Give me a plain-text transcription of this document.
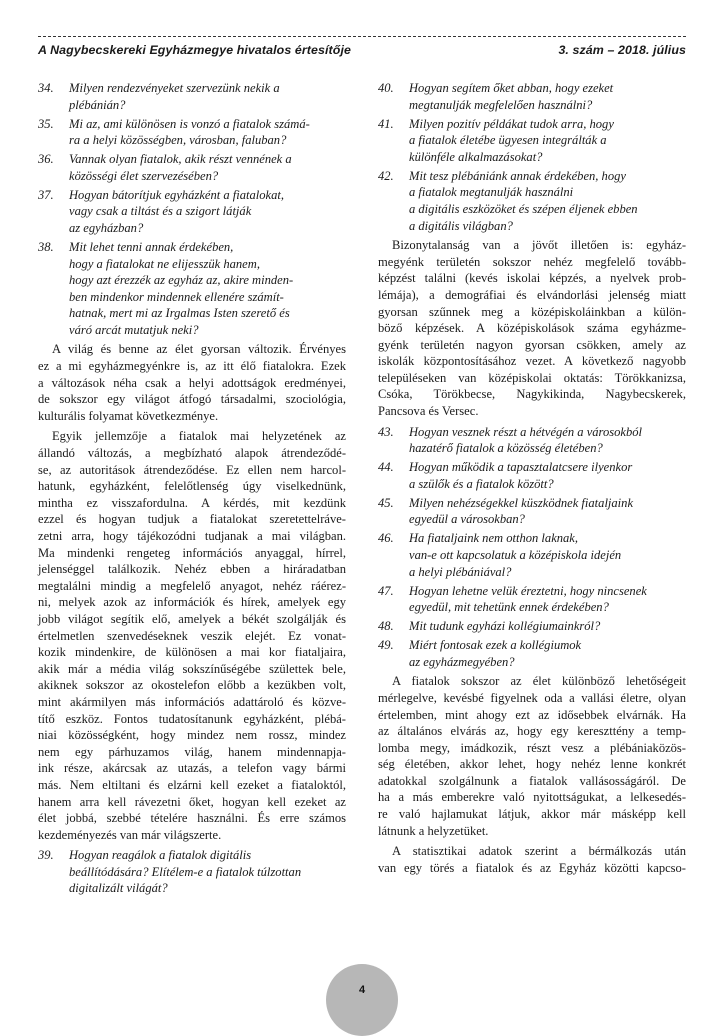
A Nagybecskereki Egyházmegye hivatalos értesítője	3. szám – 2018. július
34.	Milyen rendezvényeket szervezünk nekik a
plébánián?
35.	Mi az, ami különösen is vonzó a fiatalok számá-
ra a helyi közösségben, városban, faluban?
36.	Vannak olyan fiatalok, akik részt vennének a
közösségi élet szervezésében?
37.	Hogyan bátorítjuk egyházként a fiatalokat,
vagy csak a tiltást és a szigort látják
az egyházban?
38.	Mit lehet tenni annak érdekében,
hogy a fiatalokat ne elijesszük hanem,
hogy azt érezzék az egyház az, akire minden-
ben mindenkor mindennek ellenére számít-
hatnak, mert mi az Irgalmas Isten szerető és
váró arcát mutatjuk neki?
A világ és benne az élet gyorsan változik. Érvényes
ez a mi egyházmegyénkre is, az itt élő fiatalokra. Ezek
a változások néha csak a helyi adottságok eredményei,
de sokszor egy világot átfogó társadalmi, szociológia,
kulturális folyamat következménye.
Egyik jellemzője a fiatalok mai helyzetének az
állandó változás, a megbízható alapok átrendeződé-
se, az autoritások átrendeződése. Ez ellen nem harcol-
hatunk, egyházként, felelőtlenség úgy viselkednünk,
mintha ez visszafordulna. A kérdés, mit kezdünk
ezzel és hogyan tudjuk a fiatalokat szeretettelráve-
zetni arra, hogy tájékozódni tudjanak a mai világban.
Ma mindenki rengeteg információs anyaggal, hírrel,
jelenséggel találkozik. Nehéz ebben a hiráradatban
megtalálni mindig a megfelelő anyagot, nehéz ráérez-
ni, melyek azok az információk és hírek, amelyek egy
jobb világot segítik elő, amelyek a békét szolgálják és
értelmetlen szenvedéseknek veszik elejét. Ez vonat-
kozik mindenkire, de különösen a mai kor fiataljaira,
akik már a média világ sokszínűségébe születtek bele,
akiknek sokszor az okostelefon előbb a kezükben volt,
mint akármilyen más információs adattároló és közve-
títő eszköz. Fontos tudatosítanunk egyházként, plébá-
niai közösségként, hogy mindez nem rossz, mindez
nem egy párhuzamos világ, hanem mindennapja-
ink része, akárcsak az utazás, a telefon vagy bármi
más. Nem eltiltani és elzárni kell ezeket a fiataloktól,
hanem arra kell rávezetni őket, hogyan kell ezeket az
élet jobbá, szebbé tételére használni. És erre számos
kezdeményezés van már világszerte.
39.	Hogyan reagálok a fiatalok digitális
beállítódására? Elítélem-e a fiatalok túlzottan
digitalizált világát?
40.	Hogyan segítem őket abban, hogy ezeket
megtanulják megfelelően használni?
41.	Milyen pozitív példákat tudok arra, hogy
a fiatalok életébe ügyesen integrálták a
különféle alkalmazásokat?
42.	Mit tesz plébániánk annak érdekében, hogy
a fiatalok megtanulják használni
a digitális eszközöket és szépen éljenek ebben
a digitális világban?
Bizonytalanság van a jövőt illetően is: egyház-
megyénk területén sokszor nehéz megfelelő tovább-
képzést találni (kevés iskolai képzés, a nyelvek prob-
lémája), a demográfiai és elvándorlási jelenség miatt
gyorsan szűnnek meg a középiskoláinkban a külön-
böző képzések. A középiskolások száma egyházme-
gyénk területén nagyon gyorsan csökken, amely az
iskolák központosításához vezet. A következő nagyobb
településeken van középiskolai oktatás: Törökkanizsa,
Csóka, Törökbecse, Nagykikinda, Nagybecskerek,
Pancsova és Versec.
43.	Hogyan vesznek részt a hétvégén a városokból
hazatérő fiatalok a közösség életében?
44.	Hogyan működik a tapasztalatcsere ilyenkor
a szülők és a fiatalok között?
45.	Milyen nehézségekkel küszködnek fiataljaink
egyedül a városokban?
46.	Ha fiataljaink nem otthon laknak,
van-e ott kapcsolatuk a középiskola idején
a helyi plébániával?
47.	Hogyan lehetne velük éreztetni, hogy nincsenek
egyedül, mit tehetünk ennek érdekében?
48.	Mit tudunk egyházi kollégiumainkról?
49.	Miért fontosak ezek a kollégiumok
az egyházmegyében?
A fiatalok sokszor az élet különböző lehetőségeit
mérlegelve, kevésbé figyelnek oda a vallási életre, olyan
értelemben, mint ahogy ezt az idősebbek elvárnák. Ha
az általános elvárás az, hogy egy kereszttény a temp-
lomba megy, imádkozik, részt vesz a plébániaközös-
ség életében, akkor lehet, hogy nehéz lenne konkrét
adatokkal szolgálnunk a fiatalok vallásosságáról. De
ha a más emberekre való nyitottságukat, a lelkesedés-
re való hajlamukat látjuk, akkor már másképp kell
látnunk a helyzetüket.
A statisztikai adatok szerint a bérmálkozás után
van egy törés a fiatalok és az Egyház közötti kapcso-
4
